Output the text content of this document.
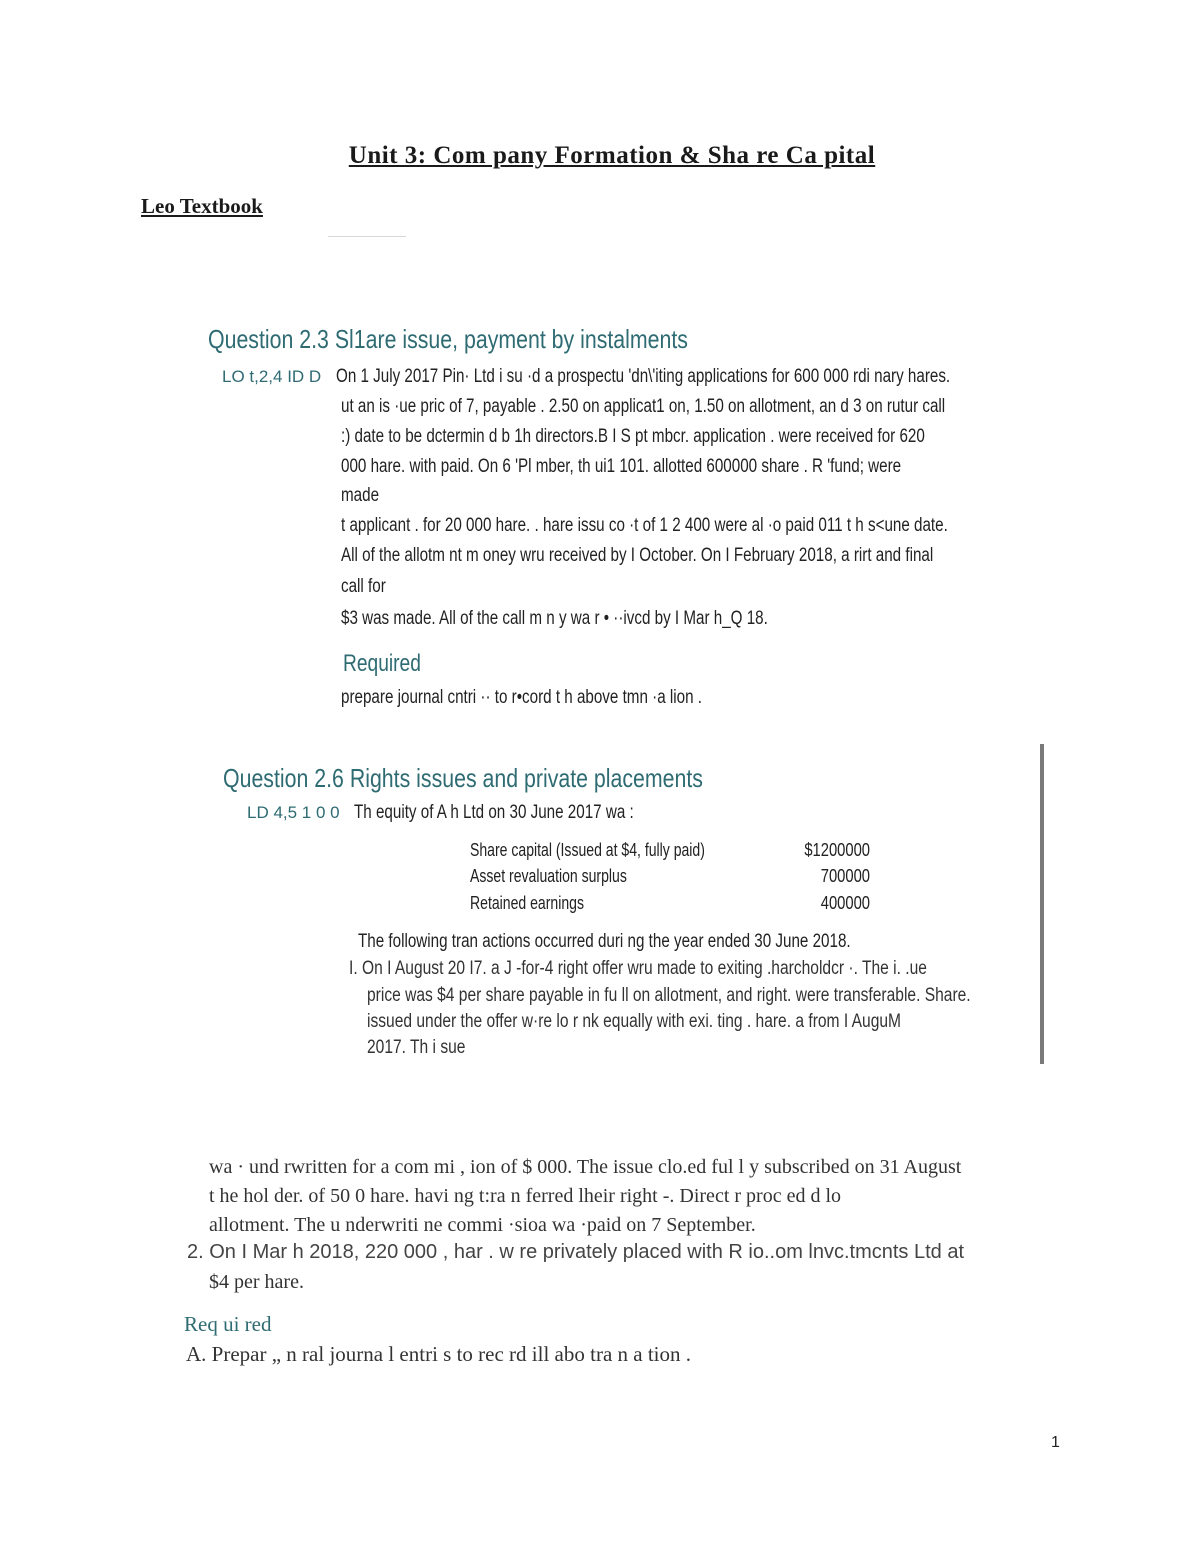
Unit 3: Com pany Formation & Sha re Ca pital
Leo Textbook
Question 2.3 Sl1are issue, payment by instalments
LO t,2,4 ID D On 1 July 2017 Pin· Ltd i su ·d a prospectu 'dn\'iting applications for 600 000 rdi nary hares.
ut an is ·ue pric of 7, payable . 2.50 on applicat1 on, 1.50 on allotment, an d 3 on rutur call
:) date to be dctermin d b 1h directors.B I S pt mbcr. application . were received for 620
000 hare. with paid. On 6 'Pl mber, th ui1 101. allotted 600000 share . R 'fund; were
made
t applicant . for 20 000 hare. . hare issu co ·t of 1 2 400 were al ·o paid 011 t h s<une date.
All of the allotm nt m oney wru received by I October. On I February 2018, a rirt and final
call for
$3 was made. All of the call m n y wa r • ··ivcd by I Mar h_Q 18.
Required
prepare journal cntri ·· to r•cord t h above tmn ·a lion .
Question 2.6 Rights issues and private placements
LD 4,5 1 0 0 Th equity of A h Ltd on 30 June 2017 wa :
Share capital (Issued at $4, fully paid)	$1200000
Asset revaluation surplus	700000
Retained earnings	400000
The following tran actions occurred duri ng the year ended 30 June 2018.
I. On I August 20 I7. a J -for-4 right offer wru made to exiting .harcholdcr ·. The i. .ue
price was $4 per share payable in fu ll on allotment, and right. were transferable. Share.
issued under the offer w·re lo r nk equally with exi. ting . hare. a from I AuguM
2017. Th i sue
wa · und rwritten for a com mi , ion of $ 000. The issue clo.ed ful l y subscribed on 31 August
t he hol der. of 50 0 hare. havi ng t:ra n ferred lheir right -. Direct r proc ed d lo
allotment. The u nderwriti ne commi ·sioa wa ·paid on 7 September.
2. On I Mar h 2018, 220 000 , har . w re privately placed with R io..om lnvc.tmcnts Ltd at
$4 per hare.
Req ui red
A. Prepar „ n ral journa l entri s to rec rd ill abo tra n a tion .
1
